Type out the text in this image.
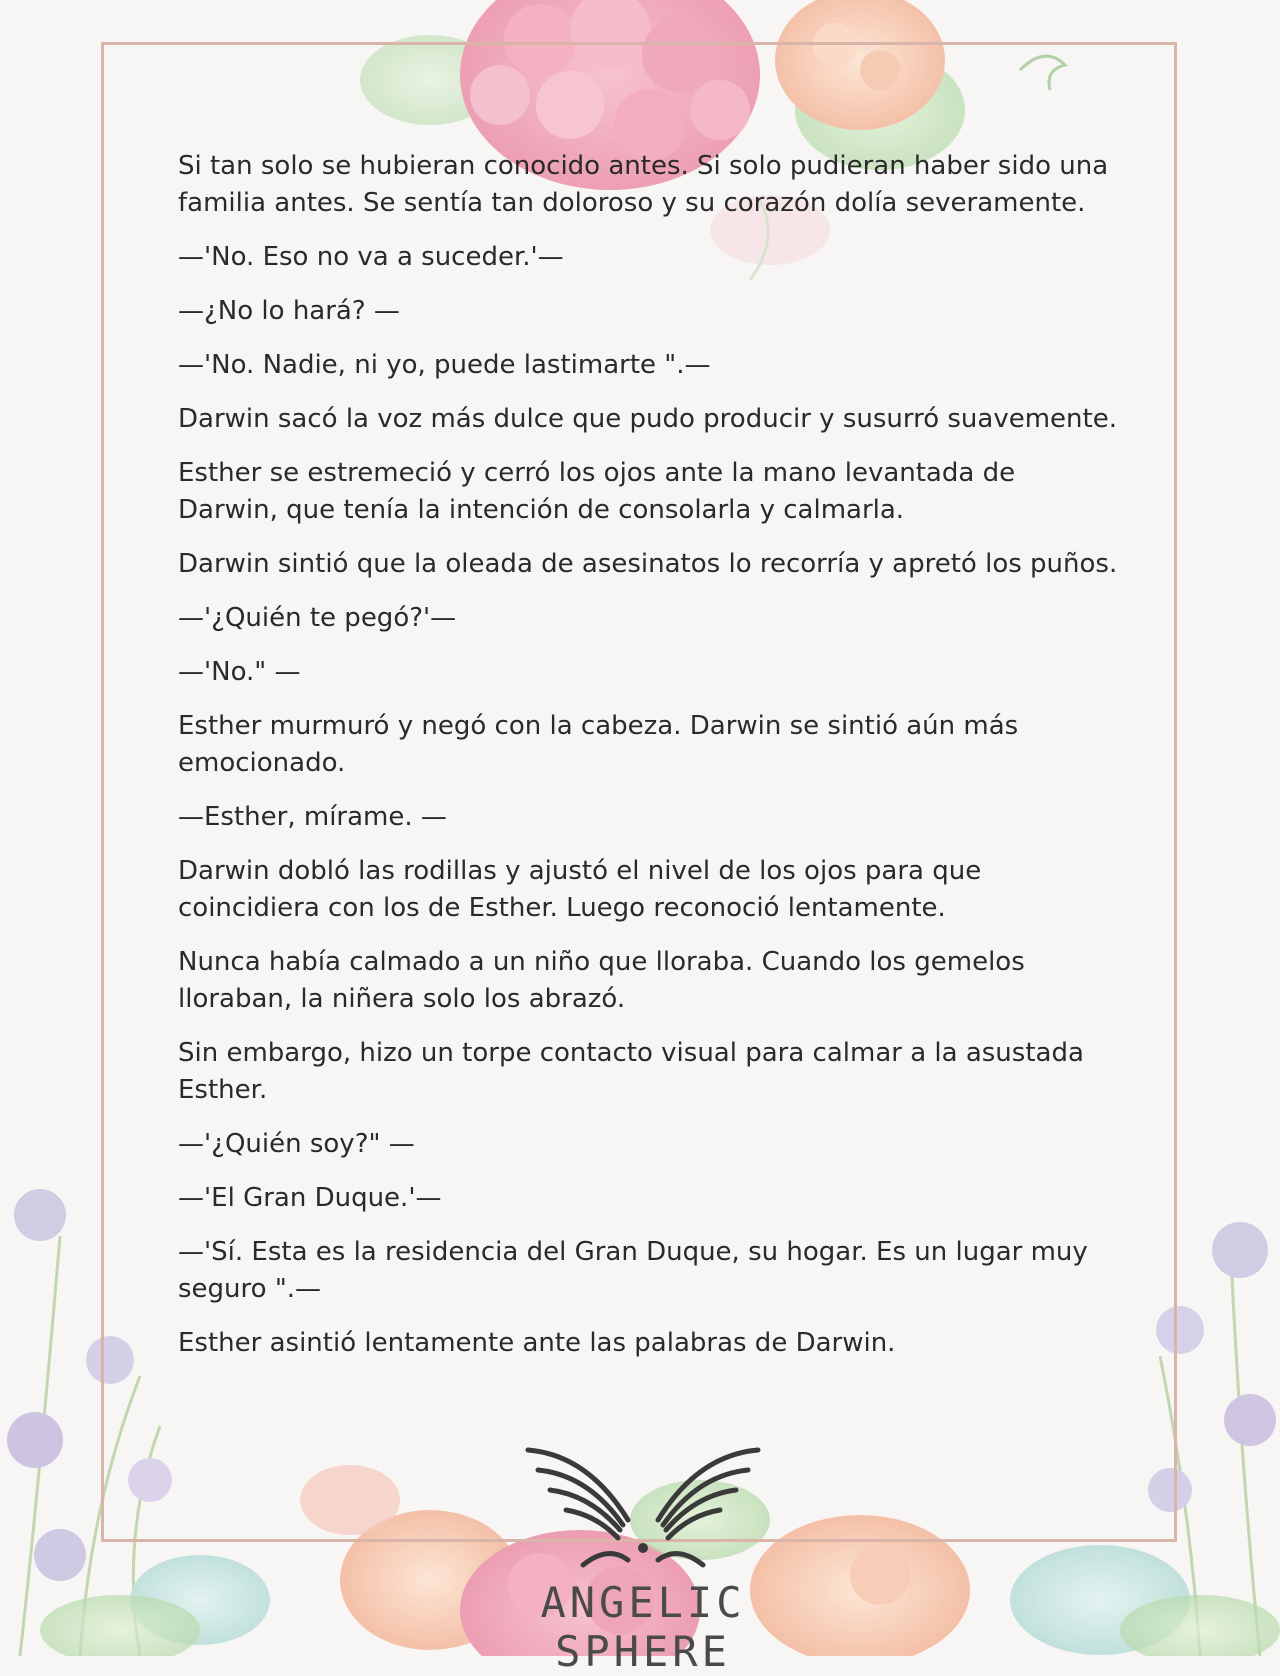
Si tan solo se hubieran conocido antes. Si solo pudieran haber sido una familia antes. Se sentía tan doloroso y su corazón dolía severamente.

—'No. Eso no va a suceder.'—

—¿No lo hará? —

—'No. Nadie, ni yo, puede lastimarte ".—

Darwin sacó la voz más dulce que pudo producir y susurró suavemente.

Esther se estremeció y cerró los ojos ante la mano levantada de Darwin, que tenía la intención de consolarla y calmarla.

Darwin sintió que la oleada de asesinatos lo recorría y apretó los puños.

—'¿Quién te pegó?'—

—'No." —

Esther murmuró y negó con la cabeza. Darwin se sintió aún más emocionado.

—Esther, mírame. —

Darwin dobló las rodillas y ajustó el nivel de los ojos para que coincidiera con los de Esther. Luego reconoció lentamente.

Nunca había calmado a un niño que lloraba. Cuando los gemelos lloraban, la niñera solo los abrazó.

Sin embargo, hizo un torpe contacto visual para calmar a la asustada Esther.

—'¿Quién soy?" —

—'El Gran Duque.'—

—'Sí. Esta es la residencia del Gran Duque, su hogar. Es un lugar muy seguro ".—

Esther asintió lentamente ante las palabras de Darwin.

ANGELIC SPHERE
